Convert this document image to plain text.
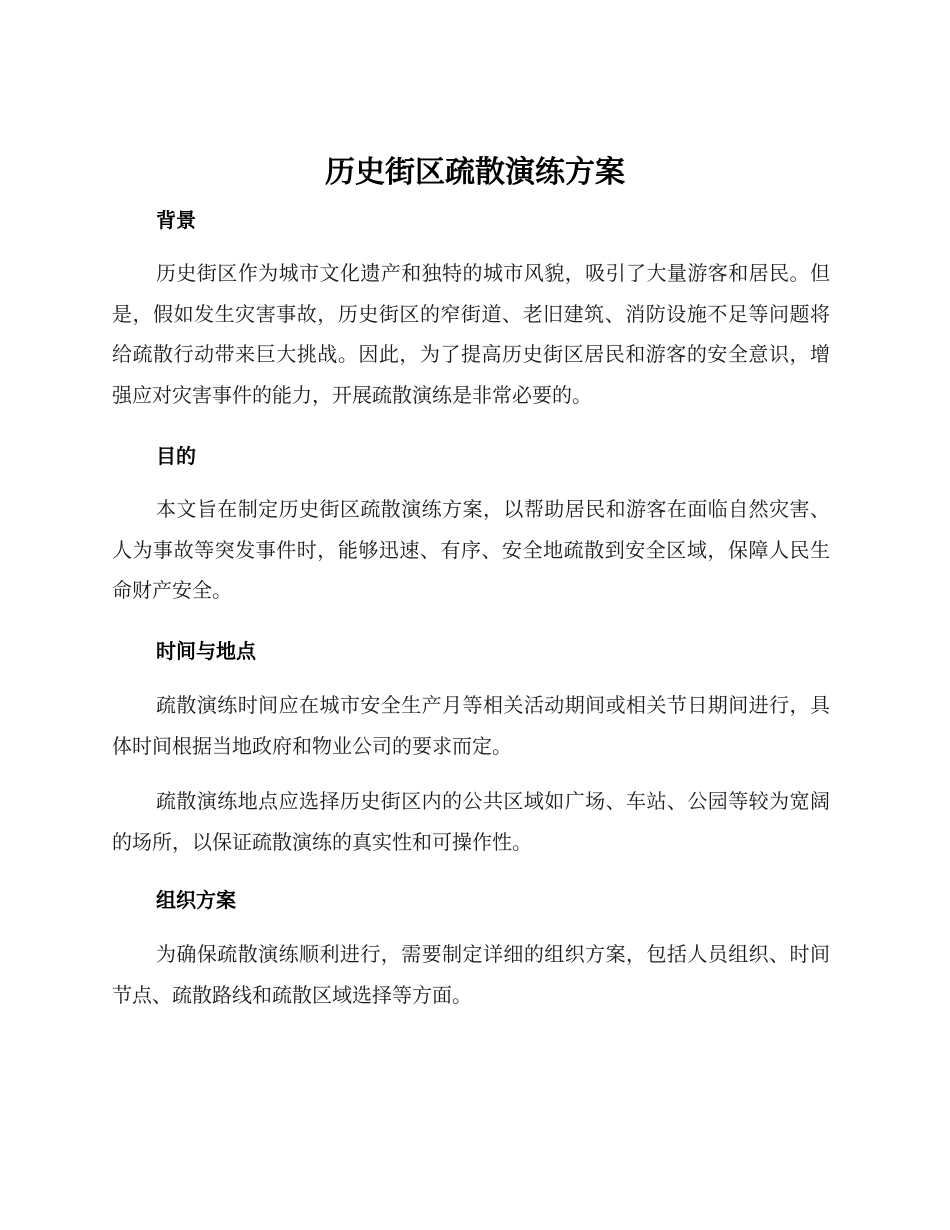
历史街区疏散演练方案
背景

历史街区作为城市文化遗产和独特的城市风貌，吸引了大量游客和居民。但是，假如发生灾害事故，历史街区的窄街道、老旧建筑、消防设施不足等问题将给疏散行动带来巨大挑战。因此，为了提高历史街区居民和游客的安全意识，增强应对灾害事件的能力，开展疏散演练是非常必要的。

目的

本文旨在制定历史街区疏散演练方案，以帮助居民和游客在面临自然灾害、人为事故等突发事件时，能够迅速、有序、安全地疏散到安全区域，保障人民生命财产安全。

时间与地点

疏散演练时间应在城市安全生产月等相关活动期间或相关节日期间进行，具体时间根据当地政府和物业公司的要求而定。

疏散演练地点应选择历史街区内的公共区域如广场、车站、公园等较为宽阔的场所，以保证疏散演练的真实性和可操作性。

组织方案

为确保疏散演练顺利进行，需要制定详细的组织方案，包括人员组织、时间节点、疏散路线和疏散区域选择等方面。
